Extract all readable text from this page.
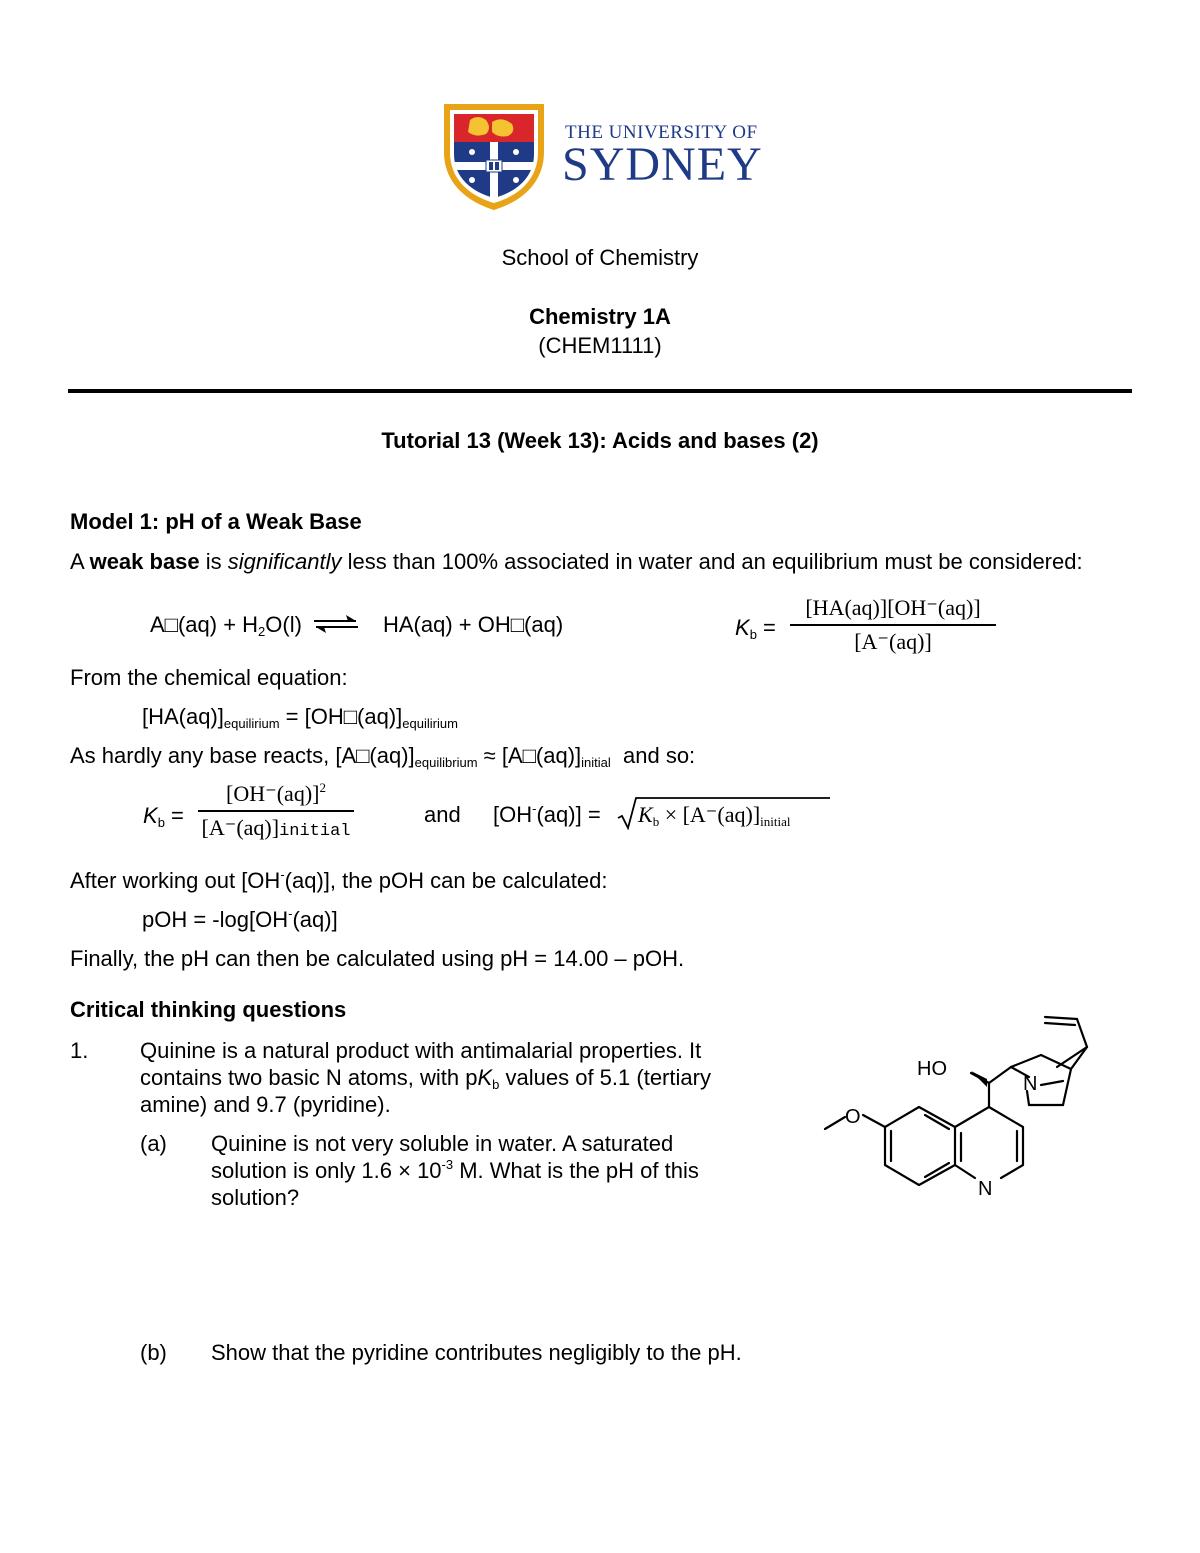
THE UNIVERSITY OF
SYDNEY
School of Chemistry
Chemistry 1A
(CHEM1111)
Tutorial 13 (Week 13): Acids and bases (2)
Model 1: pH of a Weak Base
A weak base is significantly less than 100% associated in water and an equilibrium must be considered:
A□(aq) + $H_2O(l)$ ⇌ HA(aq) + OH□(aq)	$K_b$ =
[HA(aq)][OH⁻(aq)]
[A⁻(aq)]
From the chemical equation:
$[HA(aq)]_{equilirium}$ = $[OH□(aq)]_{equilirium}$
As hardly any base reacts, $[A□(aq)]_{equilibrium}$ ≈ $[A□(aq)]_{initial}$  and so:
$K_b$ =
$[OH^-(aq)]^2$
[A⁻(aq)]initial
and $[OH^-(aq)] = K_b \times [A^-(aq)]_{initial}$
After working out [OH-(aq)], the pOH can be calculated:
pOH = -log[OH-(aq)]
Finally, the pH can then be calculated using pH = 14.00 – pOH.
Critical thinking questions
1. Quinine is a natural product with antimalarial properties. It
contains two basic N atoms, with $pK_b$ values of 5.1 (tertiary
amine) and 9.7 (pyridine).
(a) Quinine is not very soluble in water. A saturated
solution is only $1.6 \times 10^{-3}$ M. What is the pH of this
solution?
(b) Show that the pyridine contributes negligibly to the pH.
HO
O
N
N
